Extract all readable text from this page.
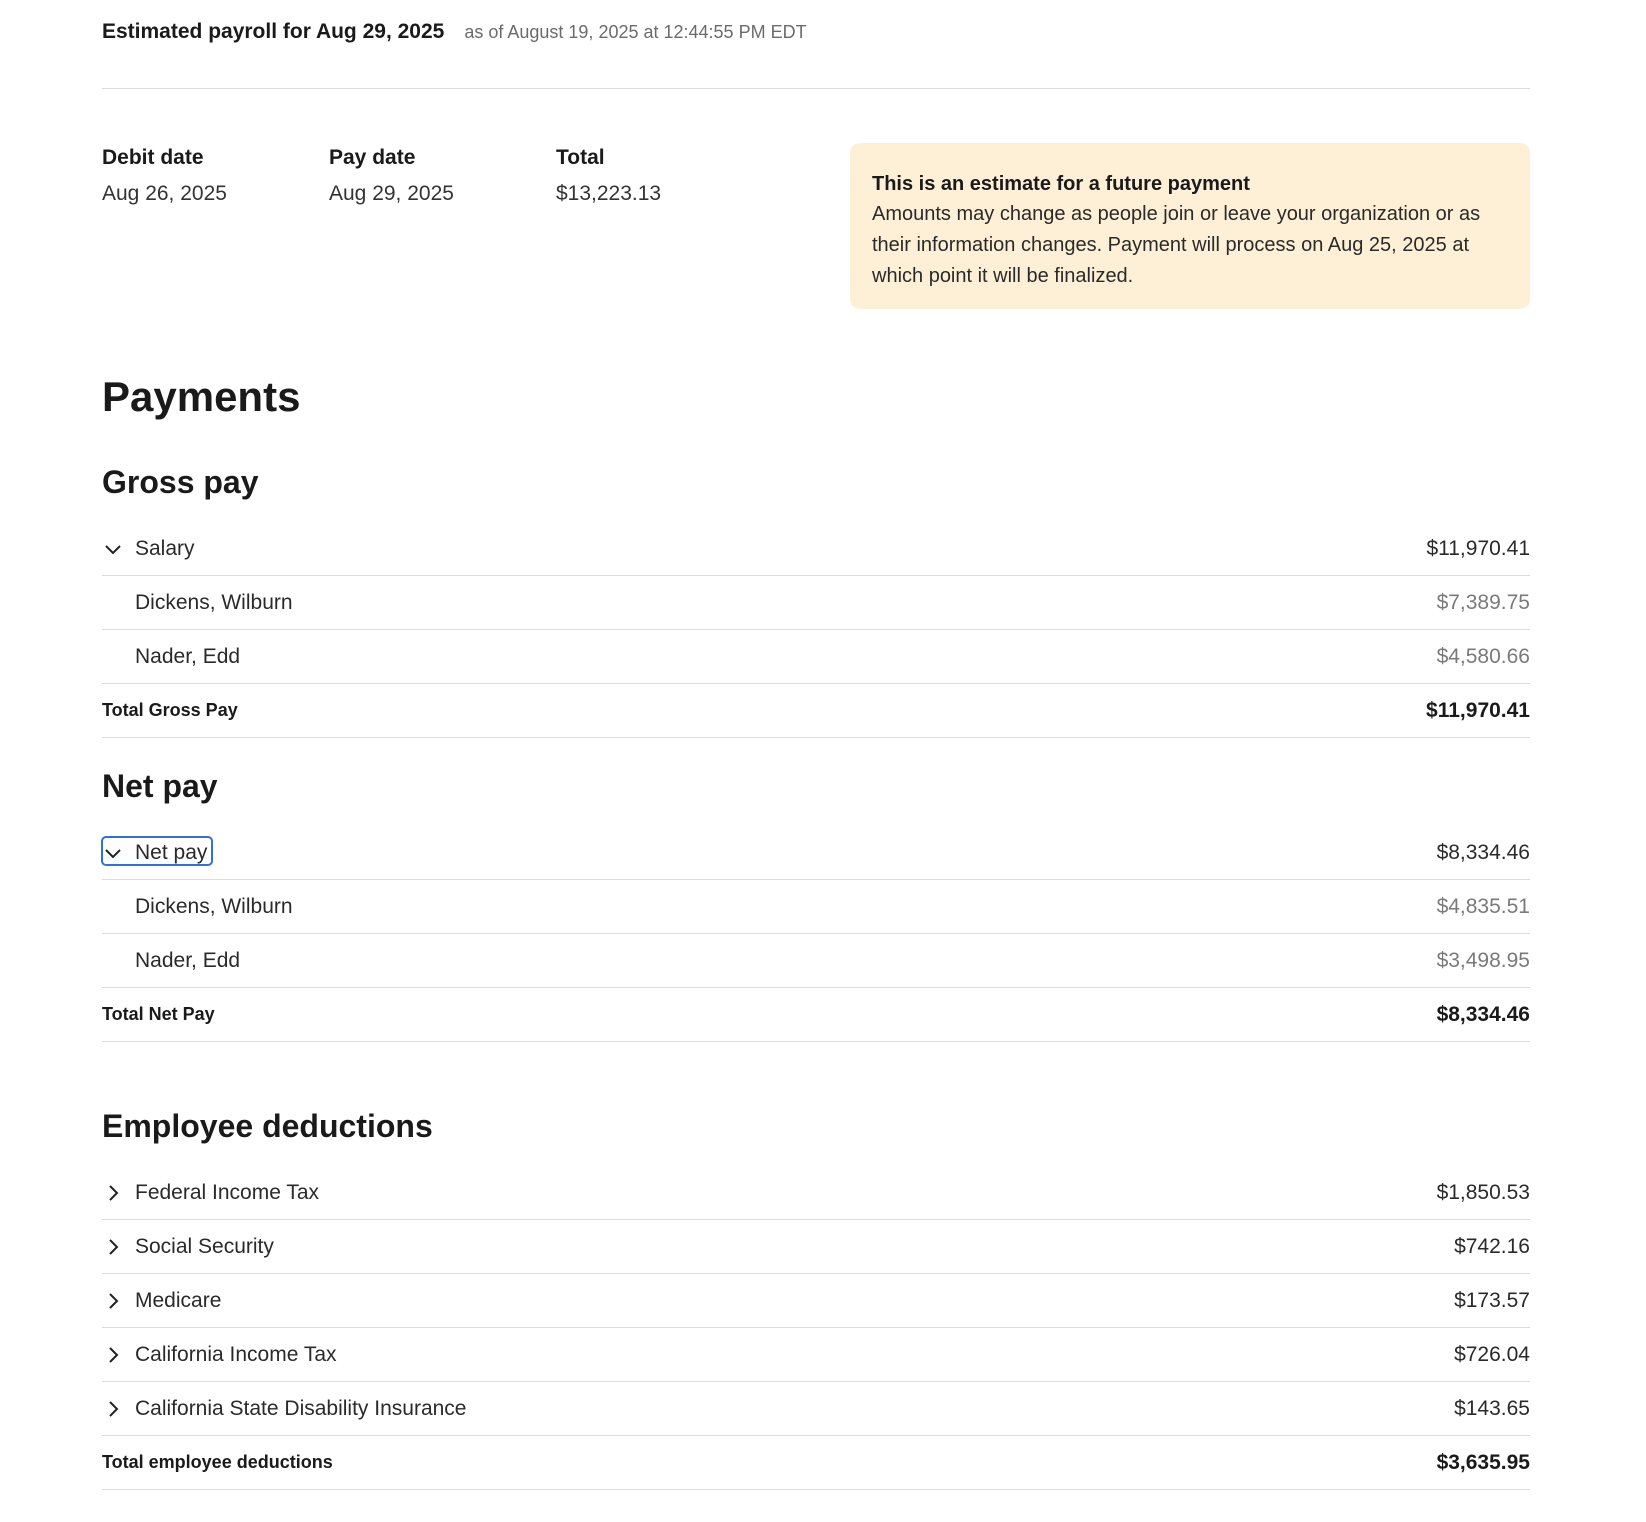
Estimated payroll for Aug 29, 2025 as of August 19, 2025 at 12:44:55 PM EDT
Debit date
Aug 26, 2025
Pay date
Aug 29, 2025
Total
$13,223.13	This is an estimate for a future payment
Amounts may change as people join or leave your organization or as their information changes. Payment will process on Aug 25, 2025 at which point it will be finalized.
Payments
Gross pay
Salary	$11,970.41
Dickens, Wilburn	$7,389.75
Nader, Edd	$4,580.66
Total Gross Pay	$11,970.41
Net pay
Net pay	$8,334.46
Dickens, Wilburn	$4,835.51
Nader, Edd	$3,498.95
Total Net Pay	$8,334.46
Employee deductions
Federal Income Tax	$1,850.53
Social Security	$742.16
Medicare	$173.57
California Income Tax	$726.04
California State Disability Insurance	$143.65
Total employee deductions	$3,635.95
